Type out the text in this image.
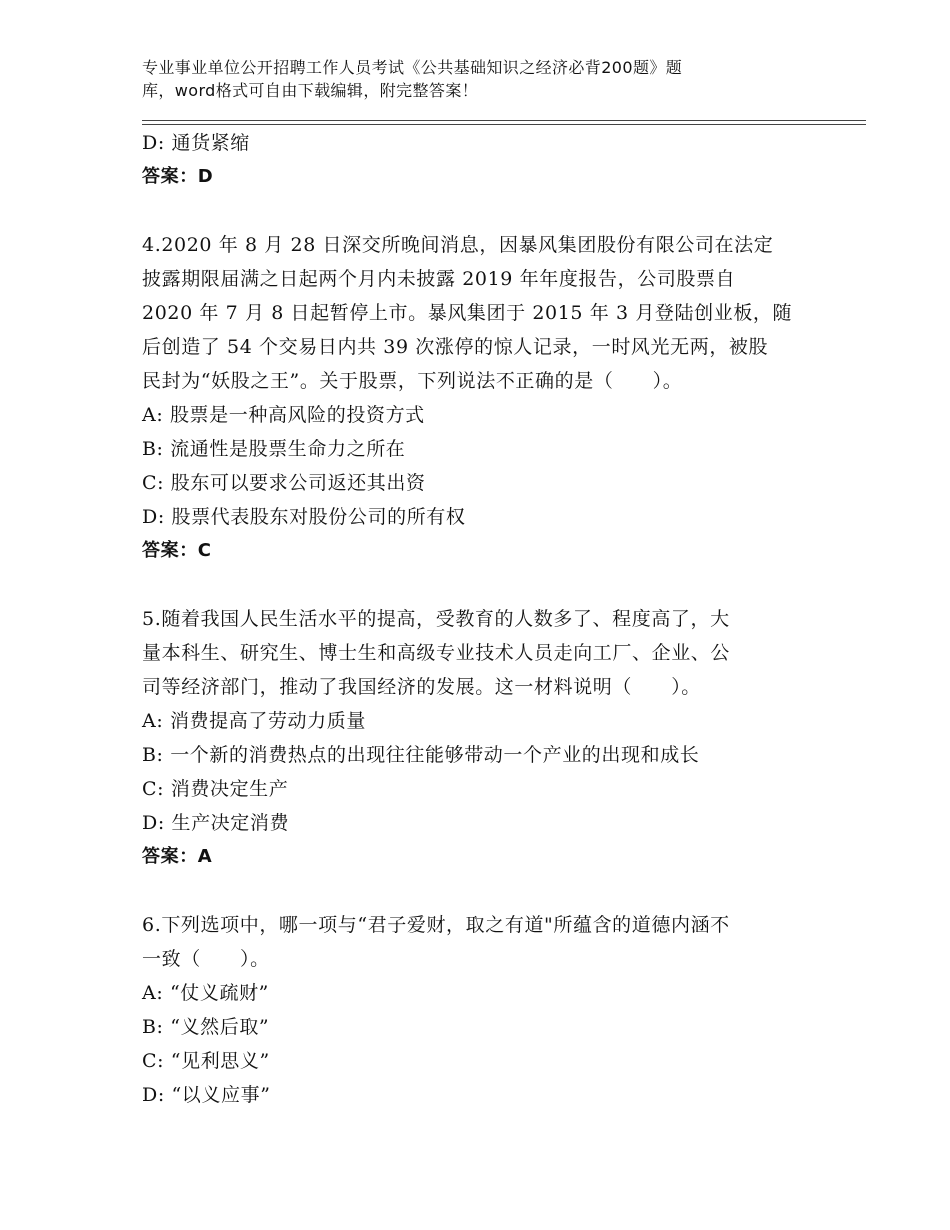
专业事业单位公开招聘工作人员考试《公共基础知识之经济必背200题》题
库，word格式可自由下载编辑，附完整答案！
D: 通货紧缩
答案：D
4.2020 年 8 月 28 日深交所晚间消息，因暴风集团股份有限公司在法定
披露期限届满之日起两个月内未披露 2019 年年度报告，公司股票自
2020 年 7 月 8 日起暂停上市。暴风集团于 2015 年 3 月登陆创业板，随
后创造了 54 个交易日内共 39 次涨停的惊人记录，一时风光无两，被股
民封为“妖股之王”。关于股票，下列说法不正确的是（　　）。
A: 股票是一种高风险的投资方式
B: 流通性是股票生命力之所在
C: 股东可以要求公司返还其出资
D: 股票代表股东对股份公司的所有权
答案：C
5.随着我国人民生活水平的提高，受教育的人数多了、程度高了，大
量本科生、研究生、博士生和高级专业技术人员走向工厂、企业、公
司等经济部门，推动了我国经济的发展。这一材料说明（　　）。
A: 消费提高了劳动力质量
B: 一个新的消费热点的出现往往能够带动一个产业的出现和成长
C: 消费决定生产
D: 生产决定消费
答案：A
6.下列选项中，哪一项与“君子爱财，取之有道"所蕴含的道德内涵不
一致（　　）。
A: “仗义疏财”
B: “义然后取”
C: “见利思义”
D: “以义应事”
